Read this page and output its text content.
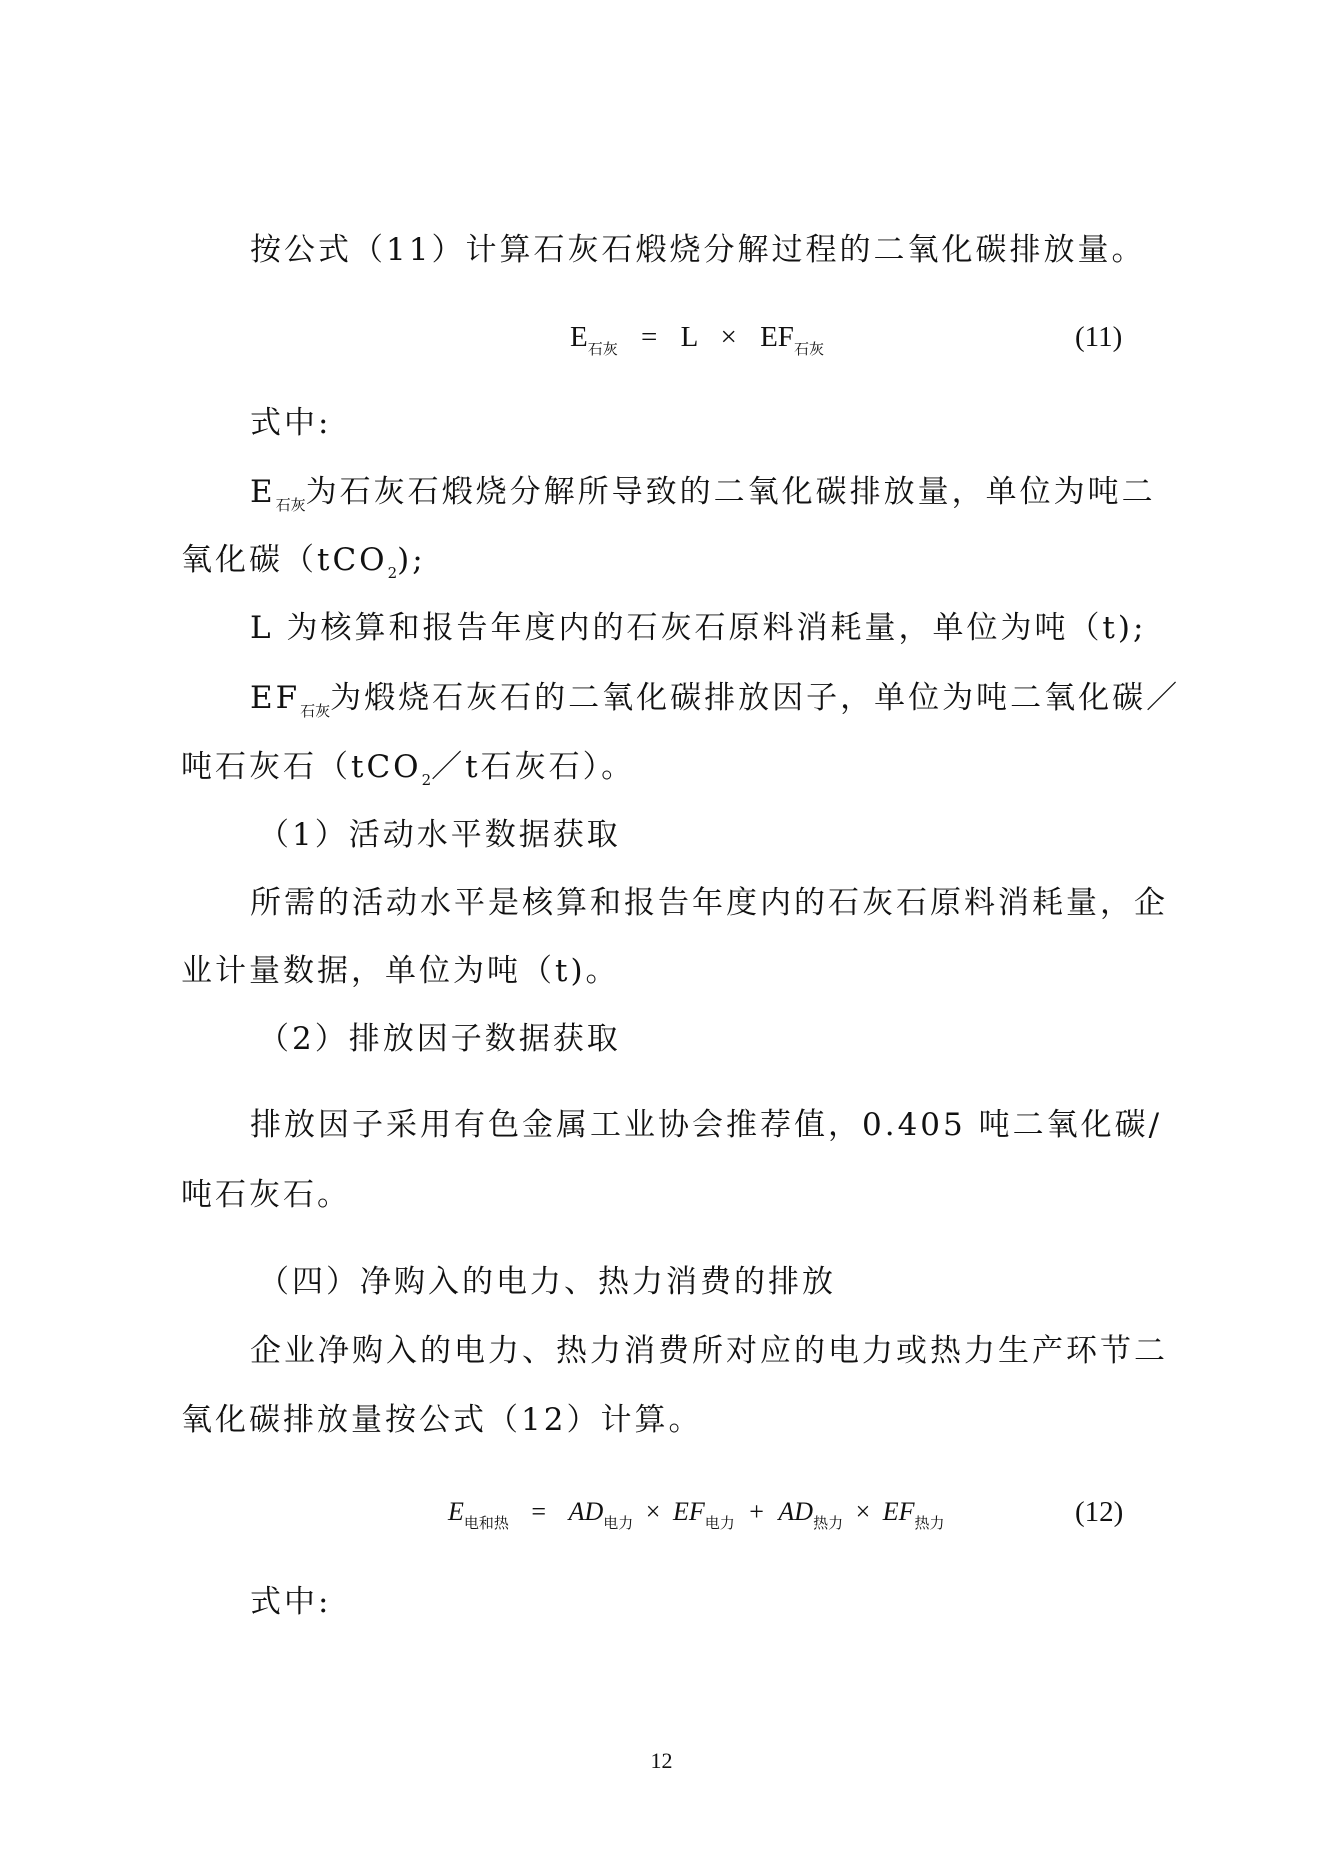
按公式（11）计算石灰石煅烧分解过程的二氧化碳排放量。
$E_{石灰} = L \times EF_{石灰}$	(11)
式中:
$E_{石灰}$为石灰石煅烧分解所导致的二氧化碳排放量，单位为吨二
氧化碳（tCO$_2$);
L 为核算和报告年度内的石灰石原料消耗量，单位为吨（t);
$EF_{石灰}$为煅烧石灰石的二氧化碳排放因子，单位为吨二氧化碳／
吨石灰石（tCO$_2$／t石灰石）。
（1）活动水平数据获取
所需的活动水平是核算和报告年度内的石灰石原料消耗量，企
业计量数据，单位为吨（t)。
（2）排放因子数据获取
排放因子采用有色金属工业协会推荐值，0.405 吨二氧化碳/
吨石灰石。
（四）净购入的电力、热力消费的排放
企业净购入的电力、热力消费所对应的电力或热力生产环节二
氧化碳排放量按公式（12）计算。
$E_{电和热} = AD_{电力} \times EF_{电力} + AD_{热力} \times EF_{热力}$	(12)
式中:
12
